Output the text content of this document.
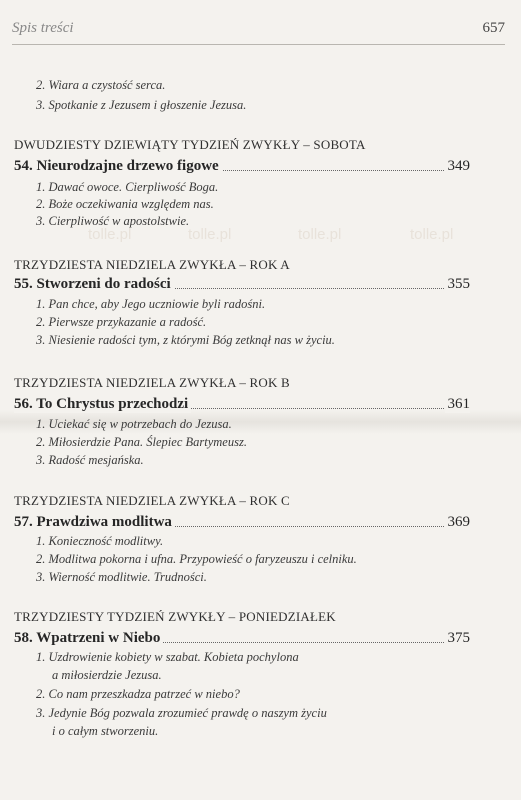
Spis treści	657
tolle.pl	tolle.pl	tolle.pl	tolle.pl
2. Wiara a czystość serca.
3. Spotkanie z Jezusem i głoszenie Jezusa.
DWUDZIESTY DZIEWIĄTY TYDZIEŃ ZWYKŁY – SOBOTA
54. Nieurodzajne drzewo figowe	349
1. Dawać owoce. Cierpliwość Boga.
2. Boże oczekiwania względem nas.
3. Cierpliwość w apostolstwie.
TRZYDZIESTA NIEDZIELA ZWYKŁA – ROK A
55. Stworzeni do radości	355
1. Pan chce, aby Jego uczniowie byli radośni.
2. Pierwsze przykazanie a radość.
3. Niesienie radości tym, z którymi Bóg zetknął nas w życiu.
TRZYDZIESTA NIEDZIELA ZWYKŁA – ROK B
56. To Chrystus przechodzi	361
1. Uciekać się w potrzebach do Jezusa.
2. Miłosierdzie Pana. Ślepiec Bartymeusz.
3. Radość mesjańska.
TRZYDZIESTA NIEDZIELA ZWYKŁA – ROK C
57. Prawdziwa modlitwa	369
1. Konieczność modlitwy.
2. Modlitwa pokorna i ufna. Przypowieść o faryzeuszu i celniku.
3. Wierność modlitwie. Trudności.
TRZYDZIESTY TYDZIEŃ ZWYKŁY – PONIEDZIAŁEK
58. Wpatrzeni w Niebo	375
1. Uzdrowienie kobiety w szabat. Kobieta pochylona
a miłosierdzie Jezusa.
2. Co nam przeszkadza patrzeć w niebo?
3. Jedynie Bóg pozwala zrozumieć prawdę o naszym życiu
i o całym stworzeniu.
